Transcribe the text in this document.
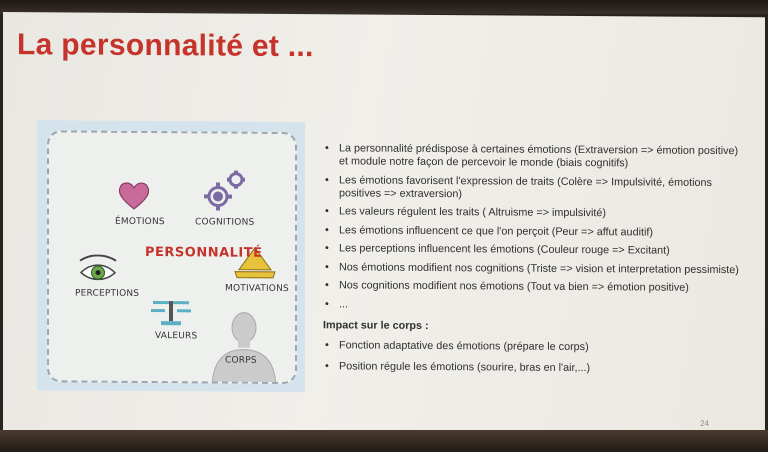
La personnalité et ...
ÉMOTIONS	COGNITIONS
PERSONNALITÉ
PERCEPTIONS	MOTIVATIONS
VALEURS
CORPS
• La personnalité prédispose à certaines émotions (Extraversion => émotion positive) et module notre façon de percevoir le monde (biais cognitifs)
• Les émotions favorisent l'expression de traits (Colère => Impulsivité, émotions positives => extraversion)
• Les valeurs régulent les traits ( Altruisme => impulsivité)
• Les émotions influencent ce que l'on perçoit (Peur => affut auditif)
• Les perceptions influencent les émotions (Couleur rouge => Excitant)
• Nos émotions modifient nos cognitions (Triste => vision et interpretation pessimiste)
• Nos cognitions modifient nos émotions (Tout va bien => émotion positive)
• ...
Impact sur le corps :
• Fonction adaptative des émotions (prépare le corps)
• Position régule les émotions (sourire, bras en l'air,...)
24
